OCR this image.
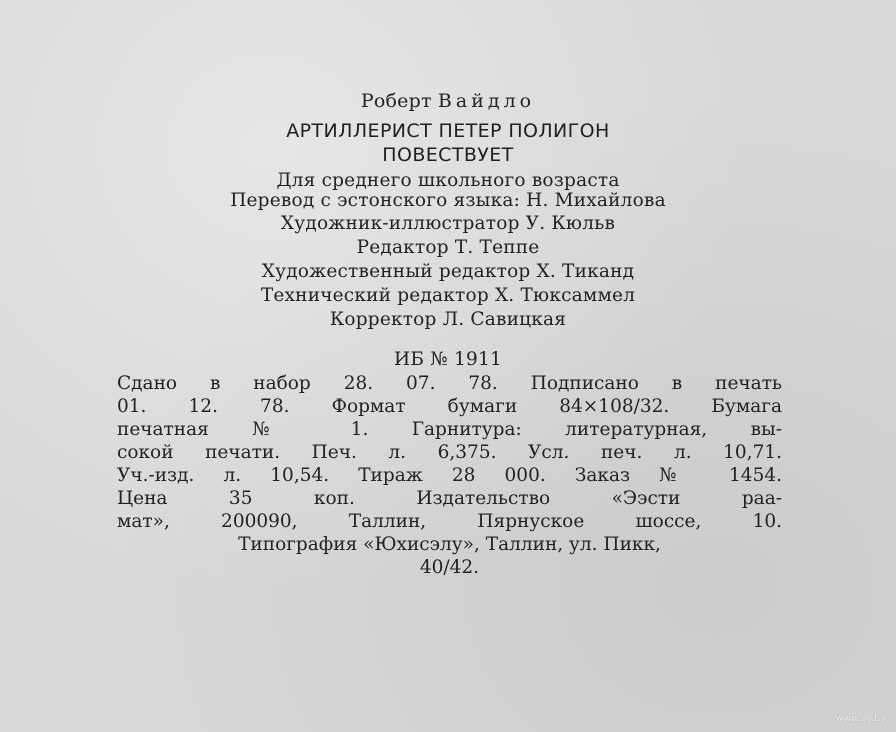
Роберт Вайдло
АРТИЛЛЕРИСТ ПЕТЕР ПОЛИГОН
ПОВЕСТВУЕТ
Для среднего школьного возраста
Перевод с эстонского языка: Н. Михайлова
Художник-иллюстратор У. Кюльв
Редактор Т. Теппе
Художественный редактор Х. Тиканд
Технический редактор Х. Тюксаммел
Корректор Л. Савицкая
ИБ № 1911
Сдано в набор 28. 07. 78. Подписано в печать
01. 12. 78. Формат бумаги 84×108/32. Бумага
печатная № 1. Гарнитура: литературная, вы-
сокой печати. Печ. л. 6,375. Усл. печ. л. 10,71.
Уч.-изд. л. 10,54. Тираж 28 000. Заказ № 1454.
Цена 35 коп. Издательство «Ээсти раа-
мат», 200090, Таллин, Пярнуское шоссе, 10.
Типография «Юхисэлу», Таллин, ул. Пикк,
40/42.
www.ay.by
